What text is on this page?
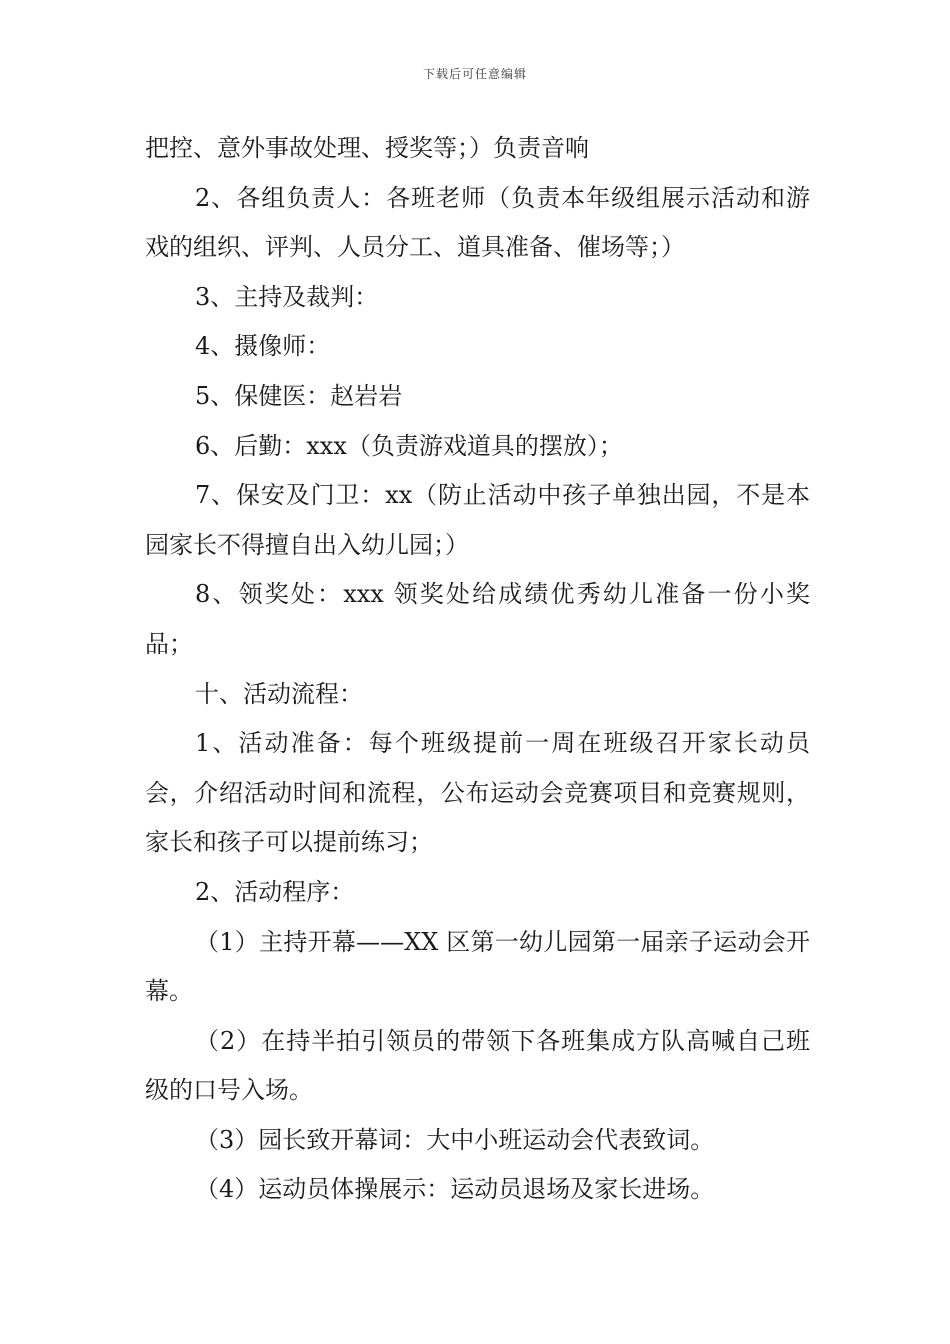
下载后可任意编辑

把控、意外事故处理、授奖等；）负责音响

2、各组负责人：各班老师（负责本年级组展示活动和游戏的组织、评判、人员分工、道具准备、催场等；）

3、主持及裁判：

4、摄像师：

5、保健医：赵岩岩

6、后勤：xxx（负责游戏道具的摆放）；

7、保安及门卫：xx（防止活动中孩子单独出园，不是本园家长不得擅自出入幼儿园；）

8、领奖处：xxx 领奖处给成绩优秀幼儿准备一份小奖品；

十、活动流程：

1、活动准备：每个班级提前一周在班级召开家长动员会，介绍活动时间和流程，公布运动会竞赛项目和竞赛规则，家长和孩子可以提前练习；

2、活动程序：

（1）主持开幕——XX 区第一幼儿园第一届亲子运动会开幕。

（2）在持半拍引领员的带领下各班集成方队高喊自己班级的口号入场。

（3）园长致开幕词：大中小班运动会代表致词。

（4）运动员体操展示：运动员退场及家长进场。
